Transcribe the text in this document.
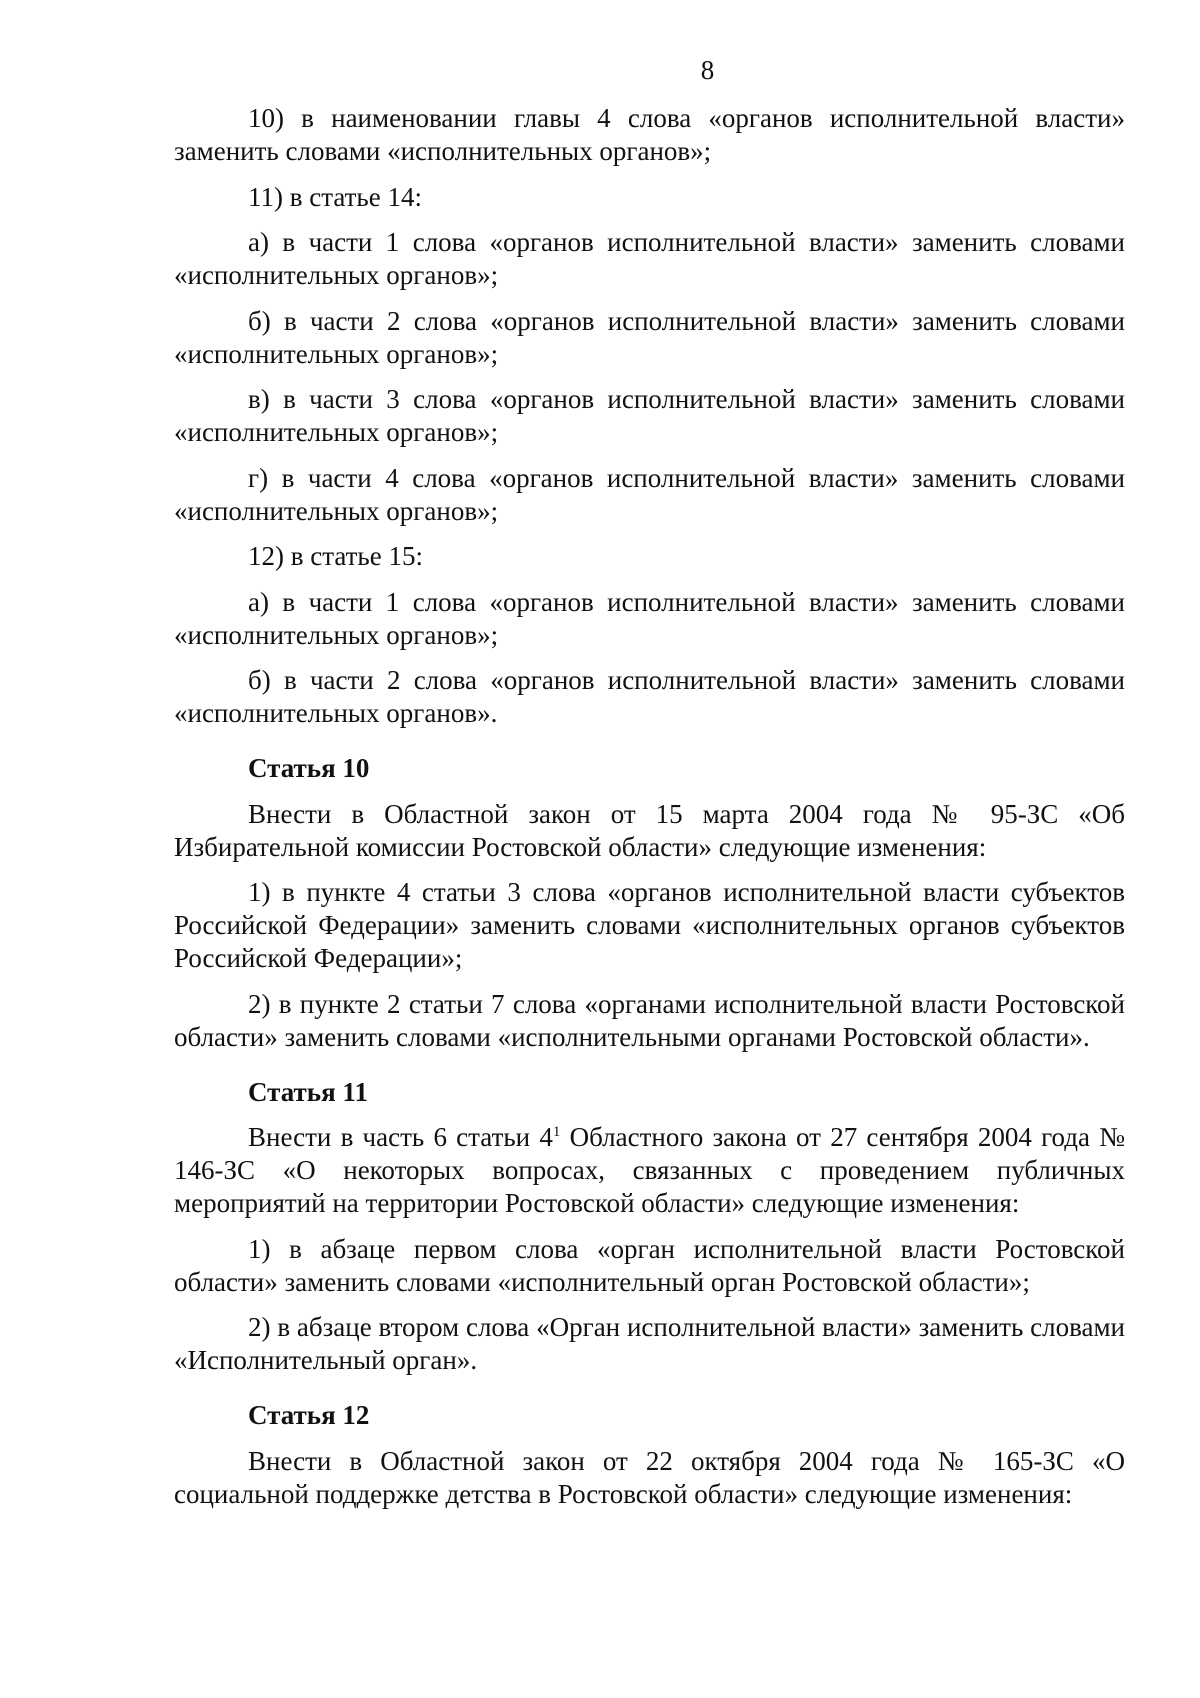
8

10) в наименовании главы 4 слова «органов исполнительной власти» заменить словами «исполнительных органов»;

11) в статье 14:

а) в части 1 слова «органов исполнительной власти» заменить словами «исполнительных органов»;

б) в части 2 слова «органов исполнительной власти» заменить словами «исполнительных органов»;

в) в части 3 слова «органов исполнительной власти» заменить словами «исполнительных органов»;

г) в части 4 слова «органов исполнительной власти» заменить словами «исполнительных органов»;

12) в статье 15:

а) в части 1 слова «органов исполнительной власти» заменить словами «исполнительных органов»;

б) в части 2 слова «органов исполнительной власти» заменить словами «исполнительных органов».

Статья 10

Внести в Областной закон от 15 марта 2004 года № 95-ЗС «Об Избирательной комиссии Ростовской области» следующие изменения:

1) в пункте 4 статьи 3 слова «органов исполнительной власти субъектов Российской Федерации» заменить словами «исполнительных органов субъектов Российской Федерации»;

2) в пункте 2 статьи 7 слова «органами исполнительной власти Ростовской области» заменить словами «исполнительными органами Ростовской области».

Статья 11

Внести в часть 6 статьи $4^1$ Областного закона от 27 сентября 2004 года № 146-ЗС «О некоторых вопросах, связанных с проведением публичных мероприятий на территории Ростовской области» следующие изменения:

1) в абзаце первом слова «орган исполнительной власти Ростовской области» заменить словами «исполнительный орган Ростовской области»;

2) в абзаце втором слова «Орган исполнительной власти» заменить словами «Исполнительный орган».

Статья 12

Внести в Областной закон от 22 октября 2004 года № 165-ЗС «О социальной поддержке детства в Ростовской области» следующие изменения:
